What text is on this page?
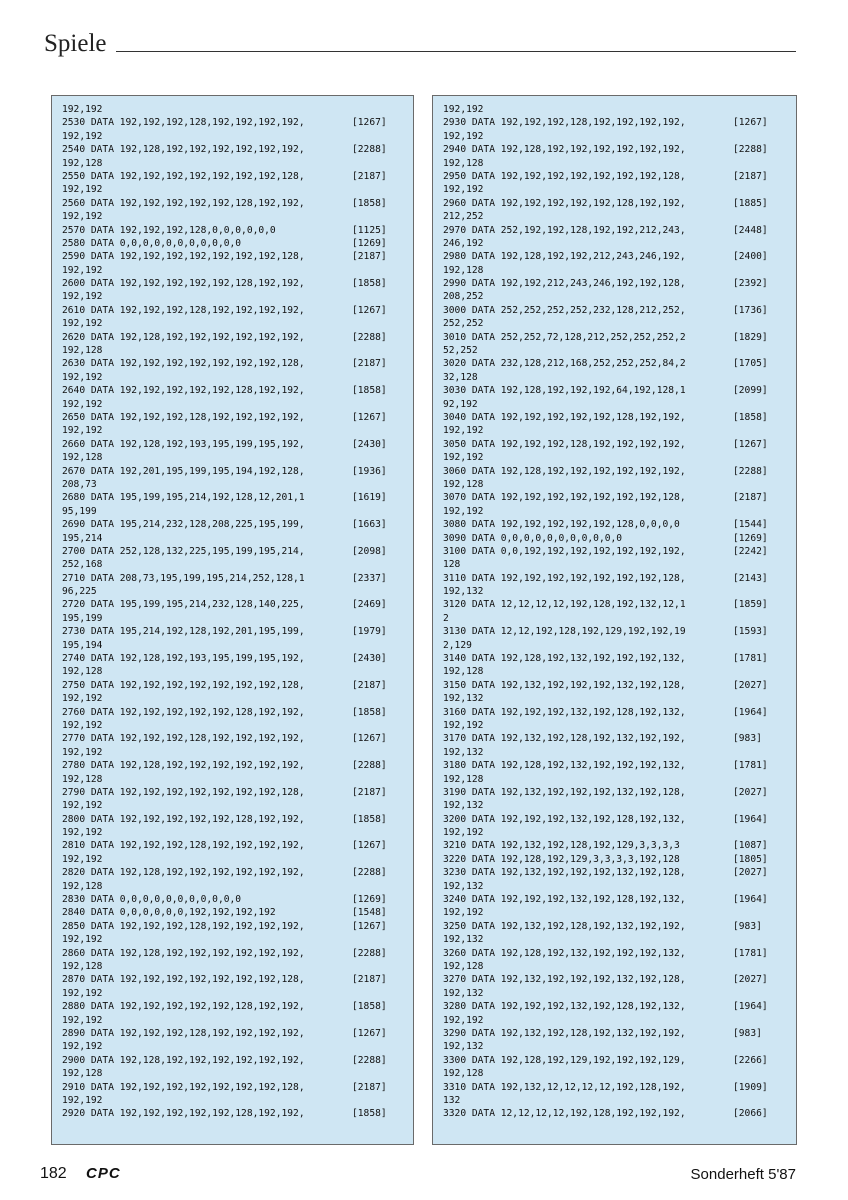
Spiele
192,192
2530 DATA 192,192,192,128,192,192,192,192,	[1267]
192,192
2540 DATA 192,128,192,192,192,192,192,192,	[2288]
192,128
2550 DATA 192,192,192,192,192,192,192,128,	[2187]
192,192
2560 DATA 192,192,192,192,192,128,192,192,	[1858]
192,192
2570 DATA 192,192,192,128,0,0,0,0,0,0	[1125]
2580 DATA 0,0,0,0,0,0,0,0,0,0,0	[1269]
2590 DATA 192,192,192,192,192,192,192,128,	[2187]
192,192
2600 DATA 192,192,192,192,192,128,192,192,	[1858]
192,192
2610 DATA 192,192,192,128,192,192,192,192,	[1267]
192,192
2620 DATA 192,128,192,192,192,192,192,192,	[2288]
192,128
2630 DATA 192,192,192,192,192,192,192,128,	[2187]
192,192
2640 DATA 192,192,192,192,192,128,192,192,	[1858]
192,192
2650 DATA 192,192,192,128,192,192,192,192,	[1267]
192,192
2660 DATA 192,128,192,193,195,199,195,192,	[2430]
192,128
2670 DATA 192,201,195,199,195,194,192,128,	[1936]
208,73
2680 DATA 195,199,195,214,192,128,12,201,1	[1619]
95,199
2690 DATA 195,214,232,128,208,225,195,199,	[1663]
195,214
2700 DATA 252,128,132,225,195,199,195,214,	[2098]
252,168
2710 DATA 208,73,195,199,195,214,252,128,1	[2337]
96,225
2720 DATA 195,199,195,214,232,128,140,225,	[2469]
195,199
2730 DATA 195,214,192,128,192,201,195,199,	[1979]
195,194
2740 DATA 192,128,192,193,195,199,195,192,	[2430]
192,128
2750 DATA 192,192,192,192,192,192,192,128,	[2187]
192,192
2760 DATA 192,192,192,192,192,128,192,192,	[1858]
192,192
2770 DATA 192,192,192,128,192,192,192,192,	[1267]
192,192
2780 DATA 192,128,192,192,192,192,192,192,	[2288]
192,128
2790 DATA 192,192,192,192,192,192,192,128,	[2187]
192,192
2800 DATA 192,192,192,192,192,128,192,192,	[1858]
192,192
2810 DATA 192,192,192,128,192,192,192,192,	[1267]
192,192
2820 DATA 192,128,192,192,192,192,192,192,	[2288]
192,128
2830 DATA 0,0,0,0,0,0,0,0,0,0,0	[1269]
2840 DATA 0,0,0,0,0,0,192,192,192,192	[1548]
2850 DATA 192,192,192,128,192,192,192,192,	[1267]
192,192
2860 DATA 192,128,192,192,192,192,192,192,	[2288]
192,128
2870 DATA 192,192,192,192,192,192,192,128,	[2187]
192,192
2880 DATA 192,192,192,192,192,128,192,192,	[1858]
192,192
2890 DATA 192,192,192,128,192,192,192,192,	[1267]
192,192
2900 DATA 192,128,192,192,192,192,192,192,	[2288]
192,128
2910 DATA 192,192,192,192,192,192,192,128,	[2187]
192,192
2920 DATA 192,192,192,192,192,128,192,192,	[1858]
192,192
2930 DATA 192,192,192,128,192,192,192,192,	[1267]
192,192
2940 DATA 192,128,192,192,192,192,192,192,	[2288]
192,128
2950 DATA 192,192,192,192,192,192,192,128,	[2187]
192,192
2960 DATA 192,192,192,192,192,128,192,192,	[1885]
212,252
2970 DATA 252,192,192,128,192,192,212,243,	[2448]
246,192
2980 DATA 192,128,192,192,212,243,246,192,	[2400]
192,128
2990 DATA 192,192,212,243,246,192,192,128,	[2392]
208,252
3000 DATA 252,252,252,252,232,128,212,252,	[1736]
252,252
3010 DATA 252,252,72,128,212,252,252,252,2	[1829]
52,252
3020 DATA 232,128,212,168,252,252,252,84,2	[1705]
32,128
3030 DATA 192,128,192,192,192,64,192,128,1	[2099]
92,192
3040 DATA 192,192,192,192,192,128,192,192,	[1858]
192,192
3050 DATA 192,192,192,128,192,192,192,192,	[1267]
192,192
3060 DATA 192,128,192,192,192,192,192,192,	[2288]
192,128
3070 DATA 192,192,192,192,192,192,192,128,	[2187]
192,192
3080 DATA 192,192,192,192,192,128,0,0,0,0	[1544]
3090 DATA 0,0,0,0,0,0,0,0,0,0,0	[1269]
3100 DATA 0,0,192,192,192,192,192,192,192,	[2242]
128
3110 DATA 192,192,192,192,192,192,192,128,	[2143]
192,132
3120 DATA 12,12,12,12,192,128,192,132,12,1	[1859]
2
3130 DATA 12,12,192,128,192,129,192,192,19	[1593]
2,129
3140 DATA 192,128,192,132,192,192,192,132,	[1781]
192,128
3150 DATA 192,132,192,192,192,132,192,128,	[2027]
192,132
3160 DATA 192,192,192,132,192,128,192,132,	[1964]
192,192
3170 DATA 192,132,192,128,192,132,192,192,	[983]
192,132
3180 DATA 192,128,192,132,192,192,192,132,	[1781]
192,128
3190 DATA 192,132,192,192,192,132,192,128,	[2027]
192,132
3200 DATA 192,192,192,132,192,128,192,132,	[1964]
192,192
3210 DATA 192,132,192,128,192,129,3,3,3,3	[1087]
3220 DATA 192,128,192,129,3,3,3,3,192,128	[1805]
3230 DATA 192,132,192,192,192,132,192,128,	[2027]
192,132
3240 DATA 192,192,192,132,192,128,192,132,	[1964]
192,192
3250 DATA 192,132,192,128,192,132,192,192,	[983]
192,132
3260 DATA 192,128,192,132,192,192,192,132,	[1781]
192,128
3270 DATA 192,132,192,192,192,132,192,128,	[2027]
192,132
3280 DATA 192,192,192,132,192,128,192,132,	[1964]
192,192
3290 DATA 192,132,192,128,192,132,192,192,	[983]
192,132
3300 DATA 192,128,192,129,192,192,192,129,	[2266]
192,128
3310 DATA 192,132,12,12,12,12,192,128,192,	[1909]
132
3320 DATA 12,12,12,12,192,128,192,192,192,	[2066]
182 CPC	Sonderheft 5'87
